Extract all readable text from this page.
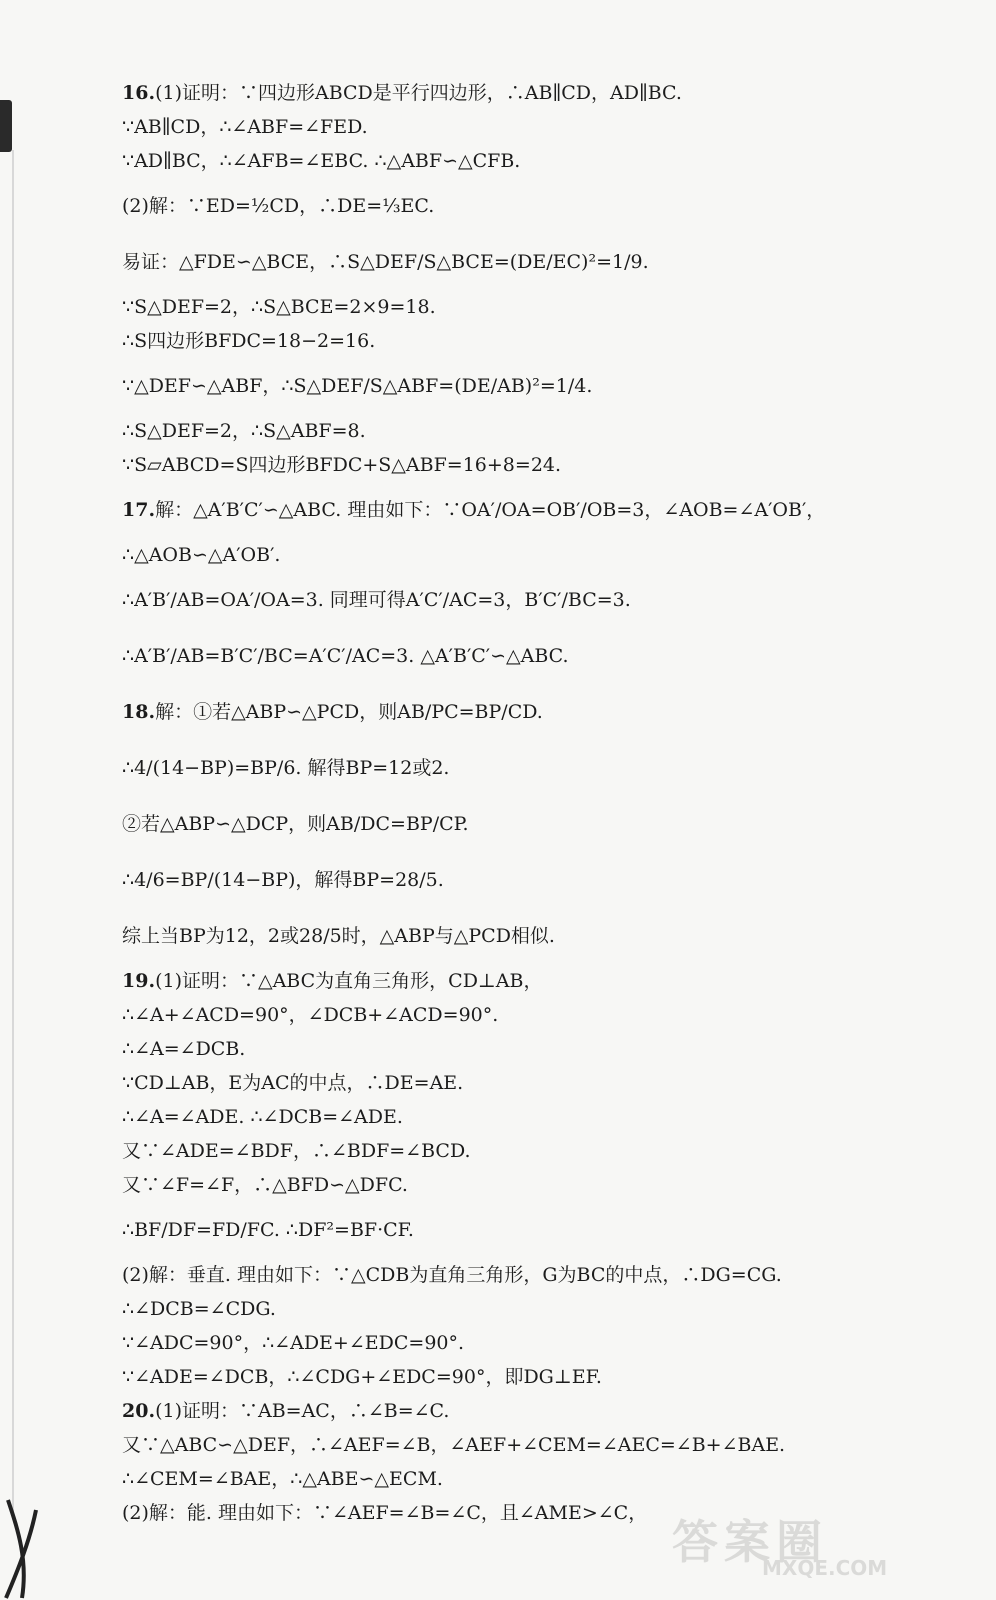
16.(1)证明：∵四边形ABCD是平行四边形，∴AB∥CD，AD∥BC.
∵AB∥CD，∴∠ABF=∠FED.
∵AD∥BC，∴∠AFB=∠EBC. ∴△ABF∽△CFB.
(2)解：∵ED=½CD，∴DE=⅓EC.
易证：△FDE∽△BCE，∴S△DEF/S△BCE=(DE/EC)²=1/9.
∵S△DEF=2，∴S△BCE=2×9=18.
∴S四边形BFDC=18−2=16.
∵△DEF∽△ABF，∴S△DEF/S△ABF=(DE/AB)²=1/4.
∴S△DEF=2，∴S△ABF=8.
∵S▱ABCD=S四边形BFDC+S△ABF=16+8=24.
17.解：△A′B′C′∽△ABC. 理由如下：∵OA′/OA=OB′/OB=3，∠AOB=∠A′OB′，
∴△AOB∽△A′OB′.
∴A′B′/AB=OA′/OA=3. 同理可得A′C′/AC=3，B′C′/BC=3.
∴A′B′/AB=B′C′/BC=A′C′/AC=3. △A′B′C′∽△ABC.
18.解：①若△ABP∽△PCD，则AB/PC=BP/CD.
∴4/(14−BP)=BP/6. 解得BP=12或2.
②若△ABP∽△DCP，则AB/DC=BP/CP.
∴4/6=BP/(14−BP)，解得BP=28/5.
综上当BP为12，2或28/5时，△ABP与△PCD相似.
19.(1)证明：∵△ABC为直角三角形，CD⊥AB，
∴∠A+∠ACD=90°，∠DCB+∠ACD=90°.
∴∠A=∠DCB.
∵CD⊥AB，E为AC的中点，∴DE=AE.
∴∠A=∠ADE. ∴∠DCB=∠ADE.
又∵∠ADE=∠BDF，∴∠BDF=∠BCD.
又∵∠F=∠F，∴△BFD∽△DFC.
∴BF/DF=FD/FC. ∴DF²=BF·CF.
(2)解：垂直. 理由如下：∵△CDB为直角三角形，G为BC的中点，∴DG=CG.
∴∠DCB=∠CDG.
∵∠ADC=90°，∴∠ADE+∠EDC=90°.
∵∠ADE=∠DCB，∴∠CDG+∠EDC=90°，即DG⊥EF.
20.(1)证明：∵AB=AC，∴∠B=∠C.
又∵△ABC∽△DEF，∴∠AEF=∠B，∠AEF+∠CEM=∠AEC=∠B+∠BAE.
∴∠CEM=∠BAE，∴△ABE∽△ECM.
(2)解：能. 理由如下：∵∠AEF=∠B=∠C，且∠AME>∠C，
答案圈
MXQE.COM
